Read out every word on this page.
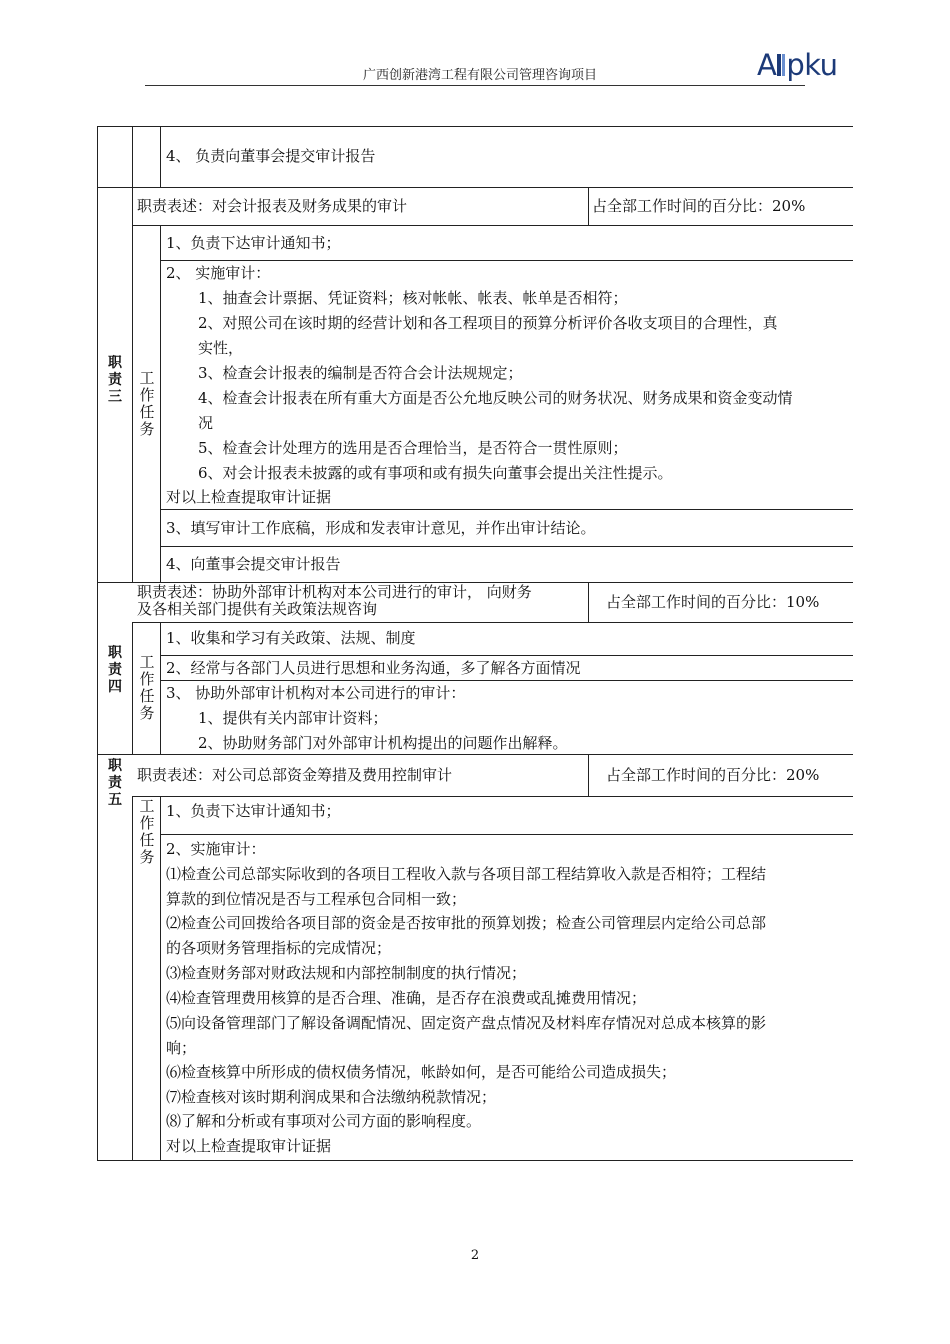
广西创新港湾工程有限公司管理咨询项目	A pku
4、 负责向董事会提交审计报告
职责三
工作任务
职责表述：对会计报表及财务成果的审计	占全部工作时间的百分比：20%
1、负责下达审计通知书；
2、 实施审计：
1、抽查会计票据、凭证资料；核对帐帐、帐表、帐单是否相符；
2、对照公司在该时期的经营计划和各工程项目的预算分析评价各收支项目的合理性，真
实性，
3、检查会计报表的编制是否符合会计法规规定；
4、检查会计报表在所有重大方面是否公允地反映公司的财务状况、财务成果和资金变动情
况
5、检查会计处理方的选用是否合理恰当，是否符合一贯性原则；
6、对会计报表未披露的或有事项和或有损失向董事会提出关注性提示。
对以上检查提取审计证据
3、填写审计工作底稿，形成和发表审计意见，并作出审计结论。
4、向董事会提交审计报告
职责四
工作任务
职责表述：协助外部审计机构对本公司进行的审计， 向财务
及各相关部门提供有关政策法规咨询	占全部工作时间的百分比：10%
1、收集和学习有关政策、法规、制度
2、经常与各部门人员进行思想和业务沟通，多了解各方面情况
3、 协助外部审计机构对本公司进行的审计：
1、提供有关内部审计资料；
2、协助财务部门对外部审计机构提出的问题作出解释。
职责五 工作任务
职责表述：对公司总部资金筹措及费用控制审计	占全部工作时间的百分比：20%
1、负责下达审计通知书；
2、实施审计：
⑴检查公司总部实际收到的各项目工程收入款与各项目部工程结算收入款是否相符；工程结
算款的到位情况是否与工程承包合同相一致；
⑵检查公司回拨给各项目部的资金是否按审批的预算划拨；检查公司管理层内定给公司总部
的各项财务管理指标的完成情况；
⑶检查财务部对财政法规和内部控制制度的执行情况；
⑷检查管理费用核算的是否合理、准确，是否存在浪费或乱摊费用情况；
⑸向设备管理部门了解设备调配情况、固定资产盘点情况及材料库存情况对总成本核算的影
响；
⑹检查核算中所形成的债权债务情况，帐龄如何，是否可能给公司造成损失；
⑺检查核对该时期利润成果和合法缴纳税款情况；
⑻了解和分析或有事项对公司方面的影响程度。
对以上检查提取审计证据
2
